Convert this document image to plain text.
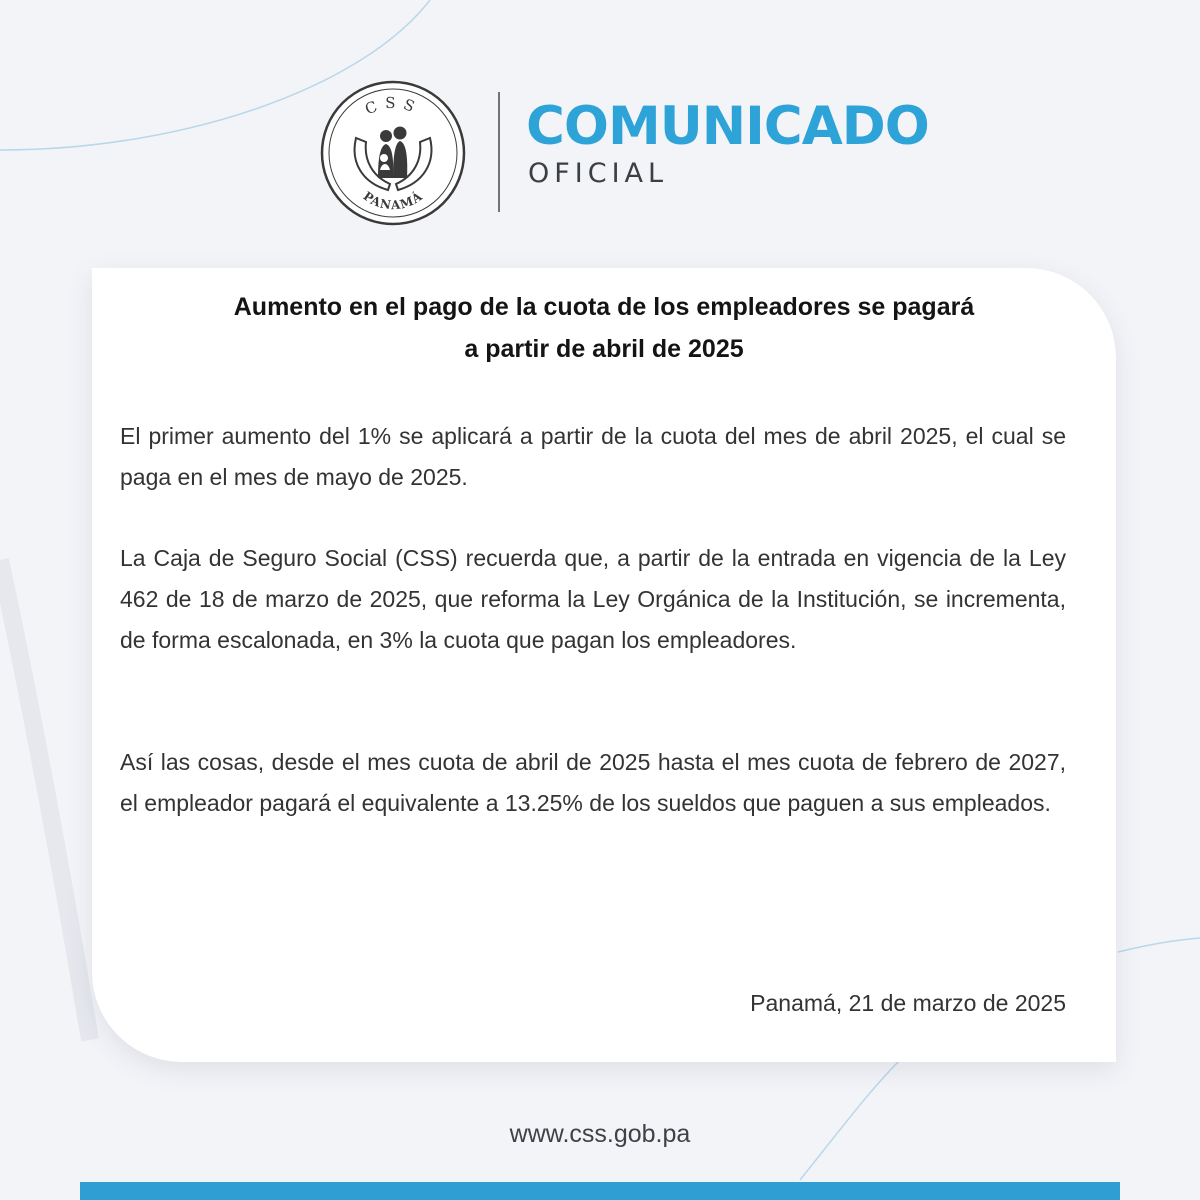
CSS
PANAMÁ
COMUNICADO
OFICIAL
Aumento en el pago de la cuota de los empleadores se pagará
a partir de abril de 2025

El primer aumento del 1% se aplicará a partir de la cuota del mes de abril 2025, el cual se paga en el mes de mayo de 2025.

La Caja de Seguro Social (CSS) recuerda que, a partir de la entrada en vigencia de la Ley 462 de 18 de marzo de 2025, que reforma la Ley Orgánica de la Institución, se incrementa, de forma escalonada, en 3% la cuota que pagan los empleadores.

Así las cosas, desde el mes cuota de abril de 2025 hasta el mes cuota de febrero de 2027, el empleador pagará el equivalente a 13.25% de los sueldos que paguen a sus empleados.

Panamá, 21 de marzo de 2025
www.css.gob.pa
